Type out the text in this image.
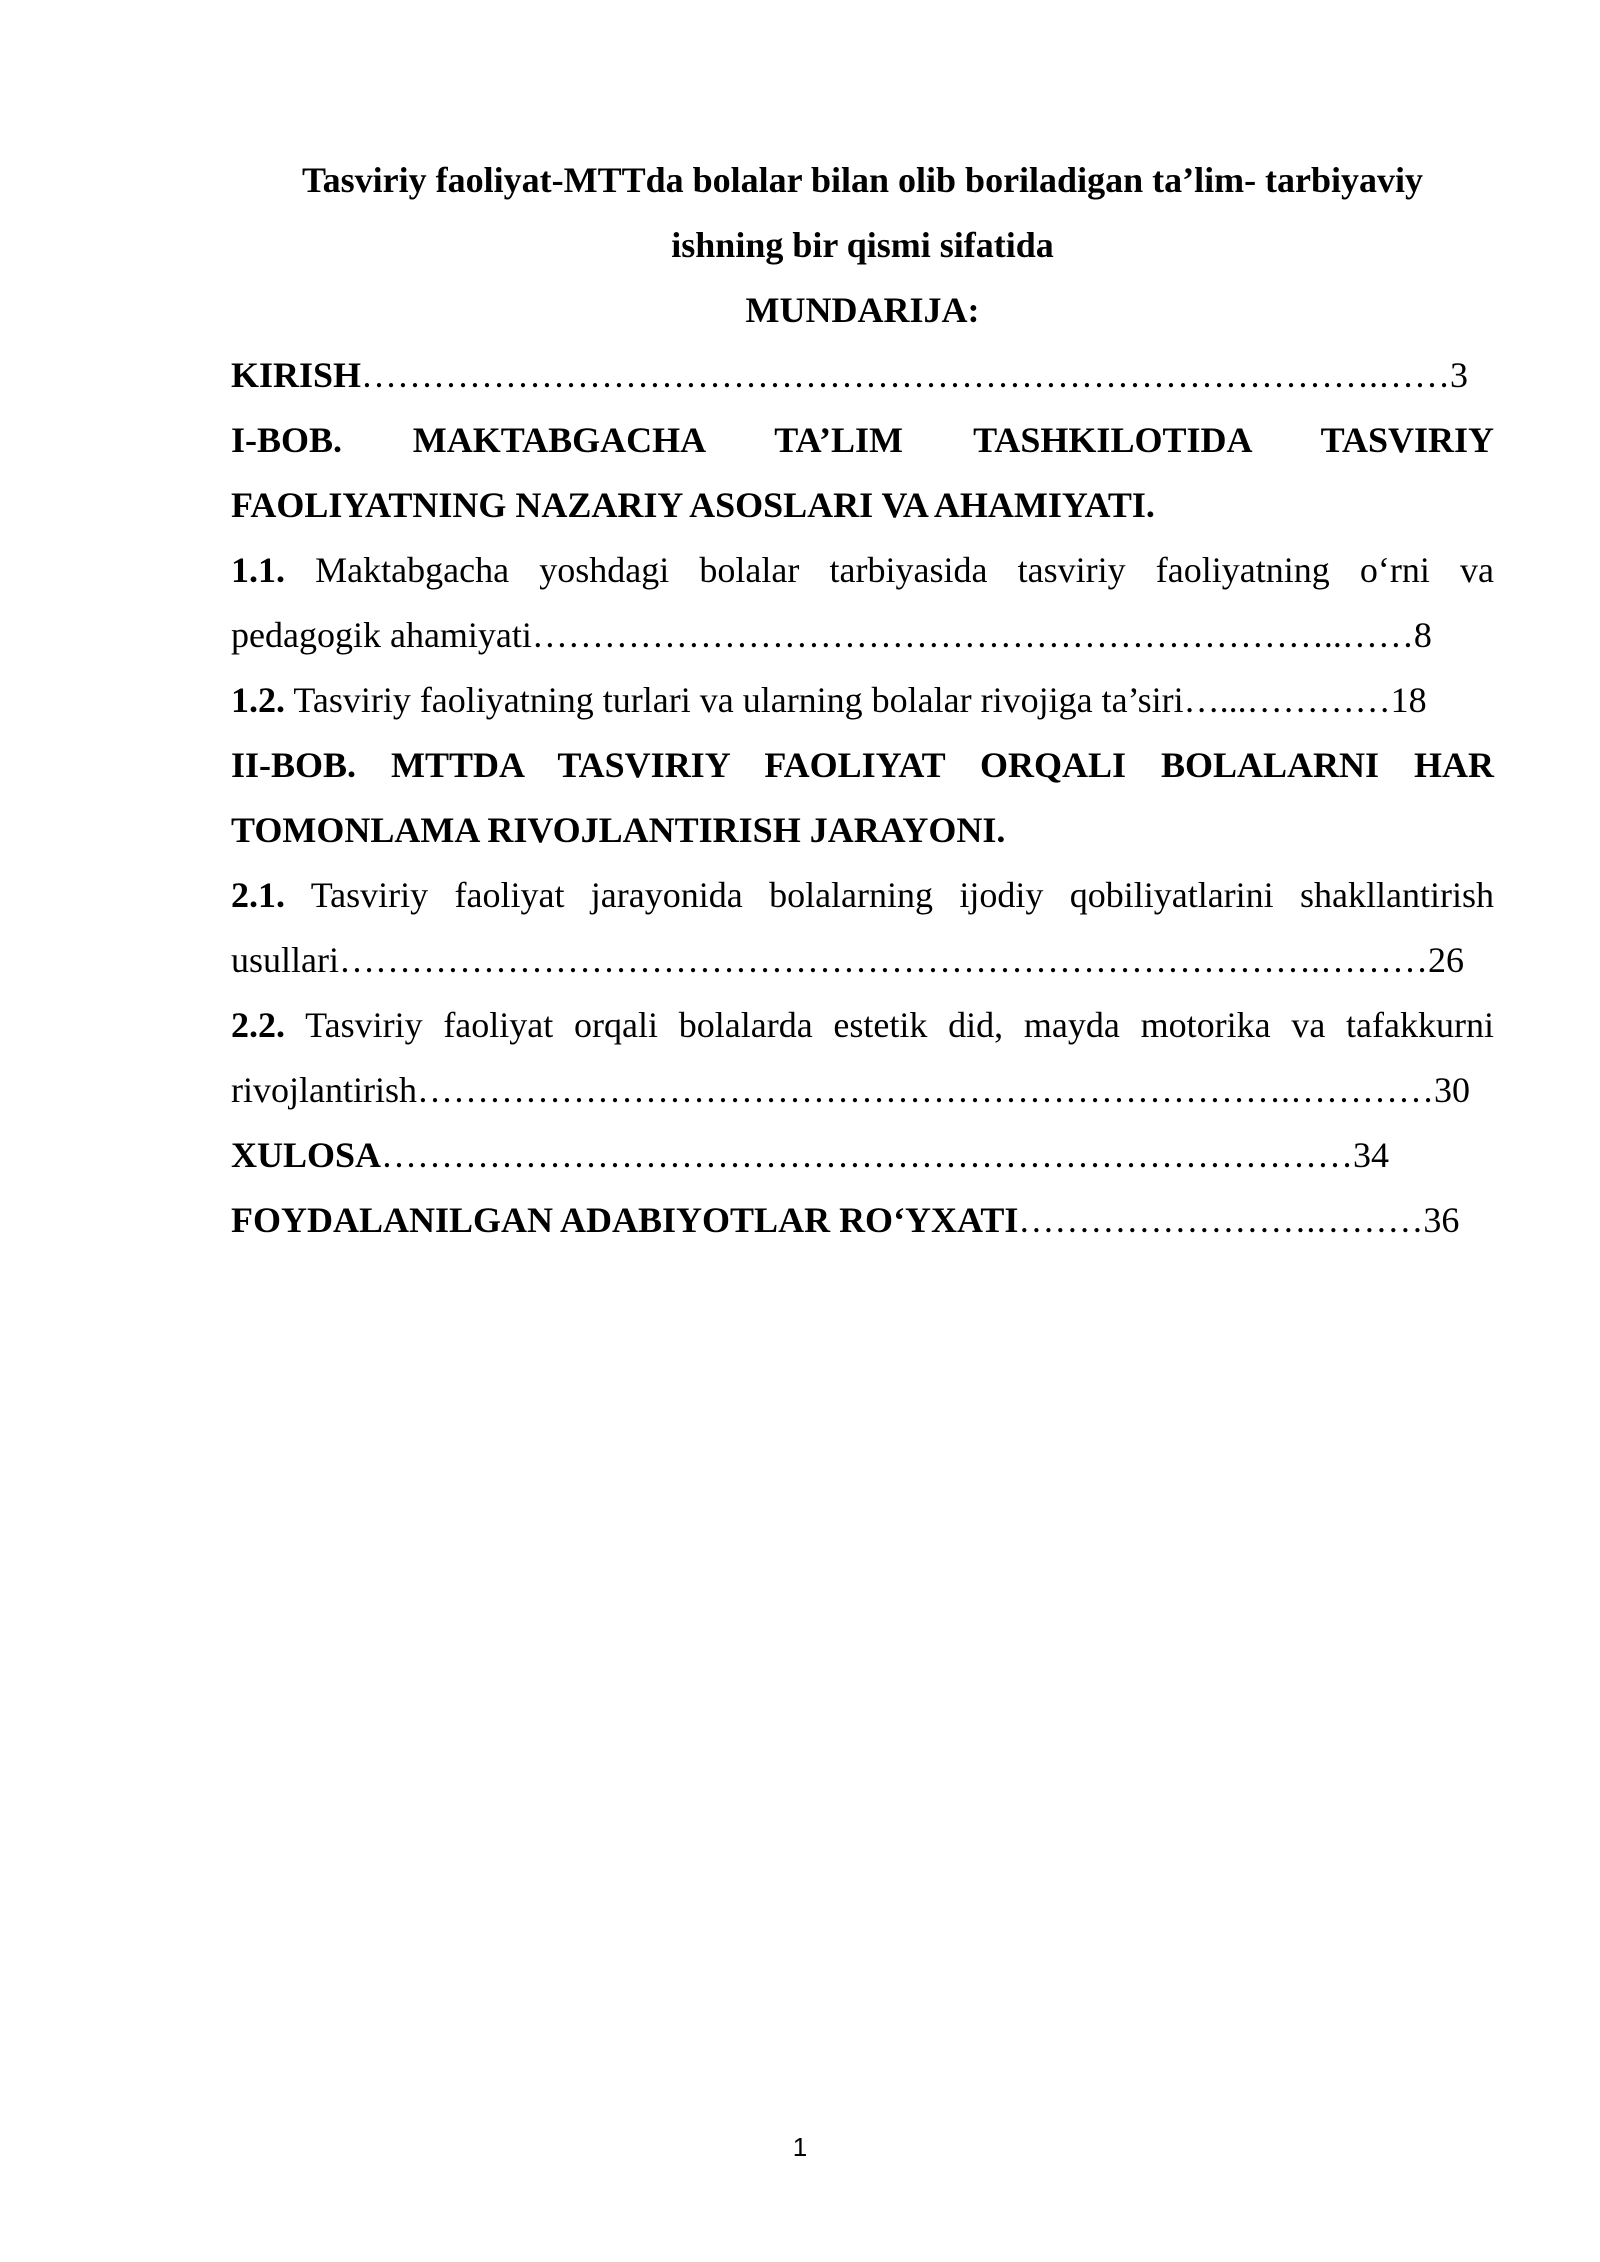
Tasviriy faoliyat-MTTda bolalar bilan olib boriladigan ta’lim- tarbiyaviy

ishning bir qismi sifatida

MUNDARIJA:

KIRISH………………………………………………………………………….……3

I-BOB. MAKTABGACHA TA’LIM TASHKILOTIDA TASVIRIY

FAOLIYATNING NAZARIY ASOSLARI VA AHAMIYATI.

1.1. Maktabgacha yoshdagi bolalar tarbiyasida tasviriy faoliyatning o‘rni va

pedagogik ahamiyati…………………………………………………………..……8

1.2. Tasviriy faoliyatning turlari va ularning bolalar rivojiga ta’siri…...…………18

II-BOB. MTTDA TASVIRIY FAOLIYAT ORQALI BOLALARNI HAR

TOMONLAMA RIVOJLANTIRISH JARAYONI.

2.1. Tasviriy faoliyat jarayonida bolalarning ijodiy qobiliyatlarini shakllantirish

usullari……………………………………………………………………….………26

2.2. Tasviriy faoliyat orqali bolalarda estetik did, mayda motorika va tafakkurni

rivojlantirish……………………………………………………………….…………30

XULOSA………………………………………………………………………34

FOYDALANILGAN ADABIYOTLAR RO‘YXATI…………………….………36

1
